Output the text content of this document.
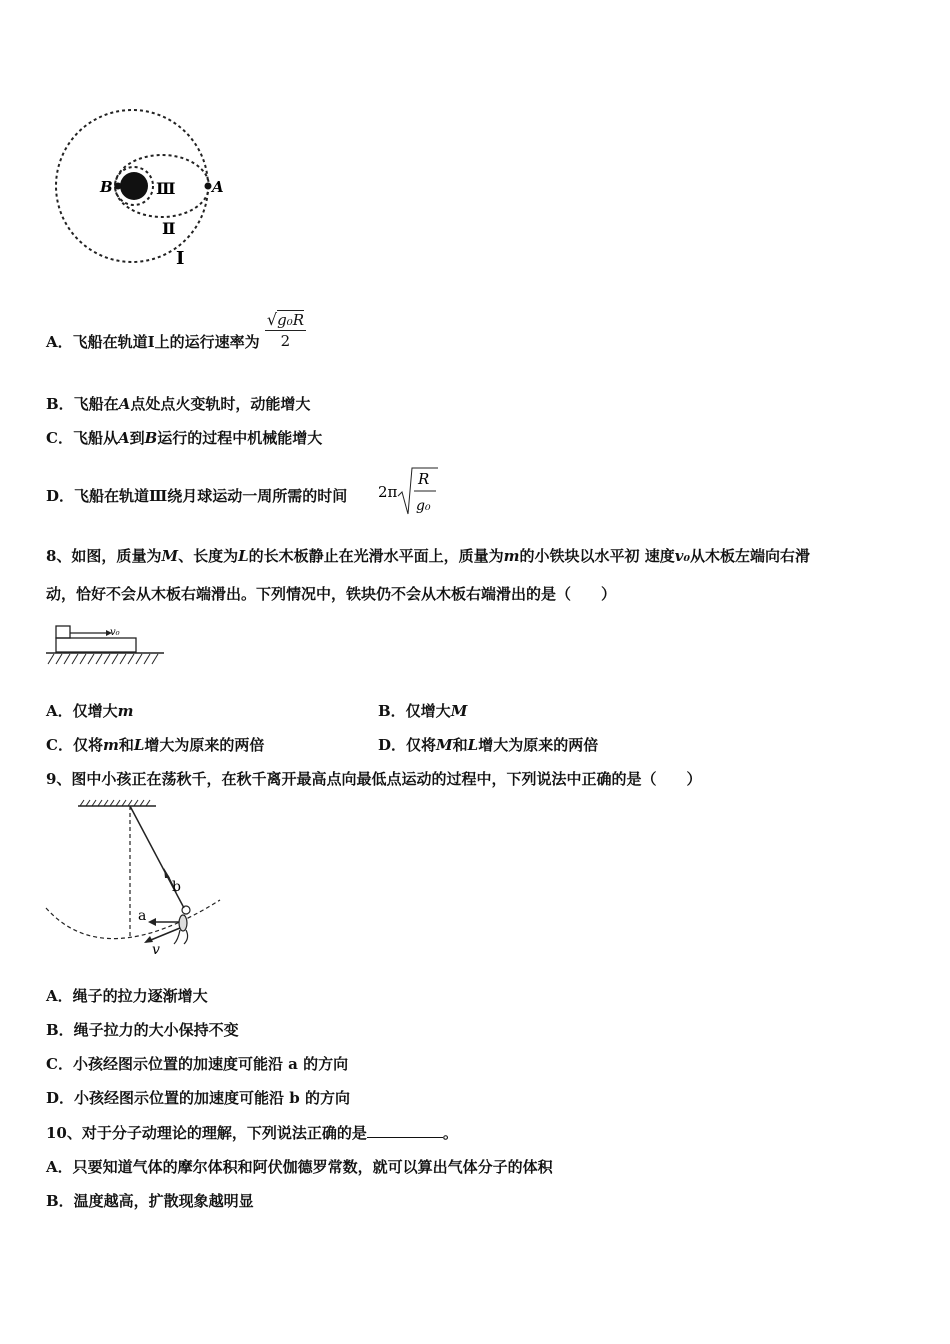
B	A
Ⅲ
Ⅱ
Ⅰ
A．飞船在轨道Ⅰ上的运行速率为 $\frac{\text{√g₀R}}{2}$
B．飞船在A点处点火变轨时，动能增大
C．飞船从A到B运行的过程中机械能增大
D．飞船在轨道Ⅲ绕月球运动一周所需的时间 2π
R
g₀
8、如图，质量为M、长度为L的长木板静止在光滑水平面上，质量为m的小铁块以水平初 速度v₀从木板左端向右滑
动，恰好不会从木板右端滑出。下列情况中，铁块仍不会从木板右端滑出的是（　　）
v₀
A．仅增大m	B．仅增大M
C．仅将m和L增大为原来的两倍	D．仅将M和L增大为原来的两倍
9、图中小孩正在荡秋千，在秋千离开最高点向最低点运动的过程中，下列说法中正确的是（　　）
b
a
v
A．绳子的拉力逐渐增大
B．绳子拉力的大小保持不变
C．小孩经图示位置的加速度可能沿 a 的方向
D．小孩经图示位置的加速度可能沿 b 的方向
10、对于分子动理论的理解，下列说法正确的是	。
A．只要知道气体的摩尔体积和阿伏伽德罗常数，就可以算出气体分子的体积
B．温度越高，扩散现象越明显
